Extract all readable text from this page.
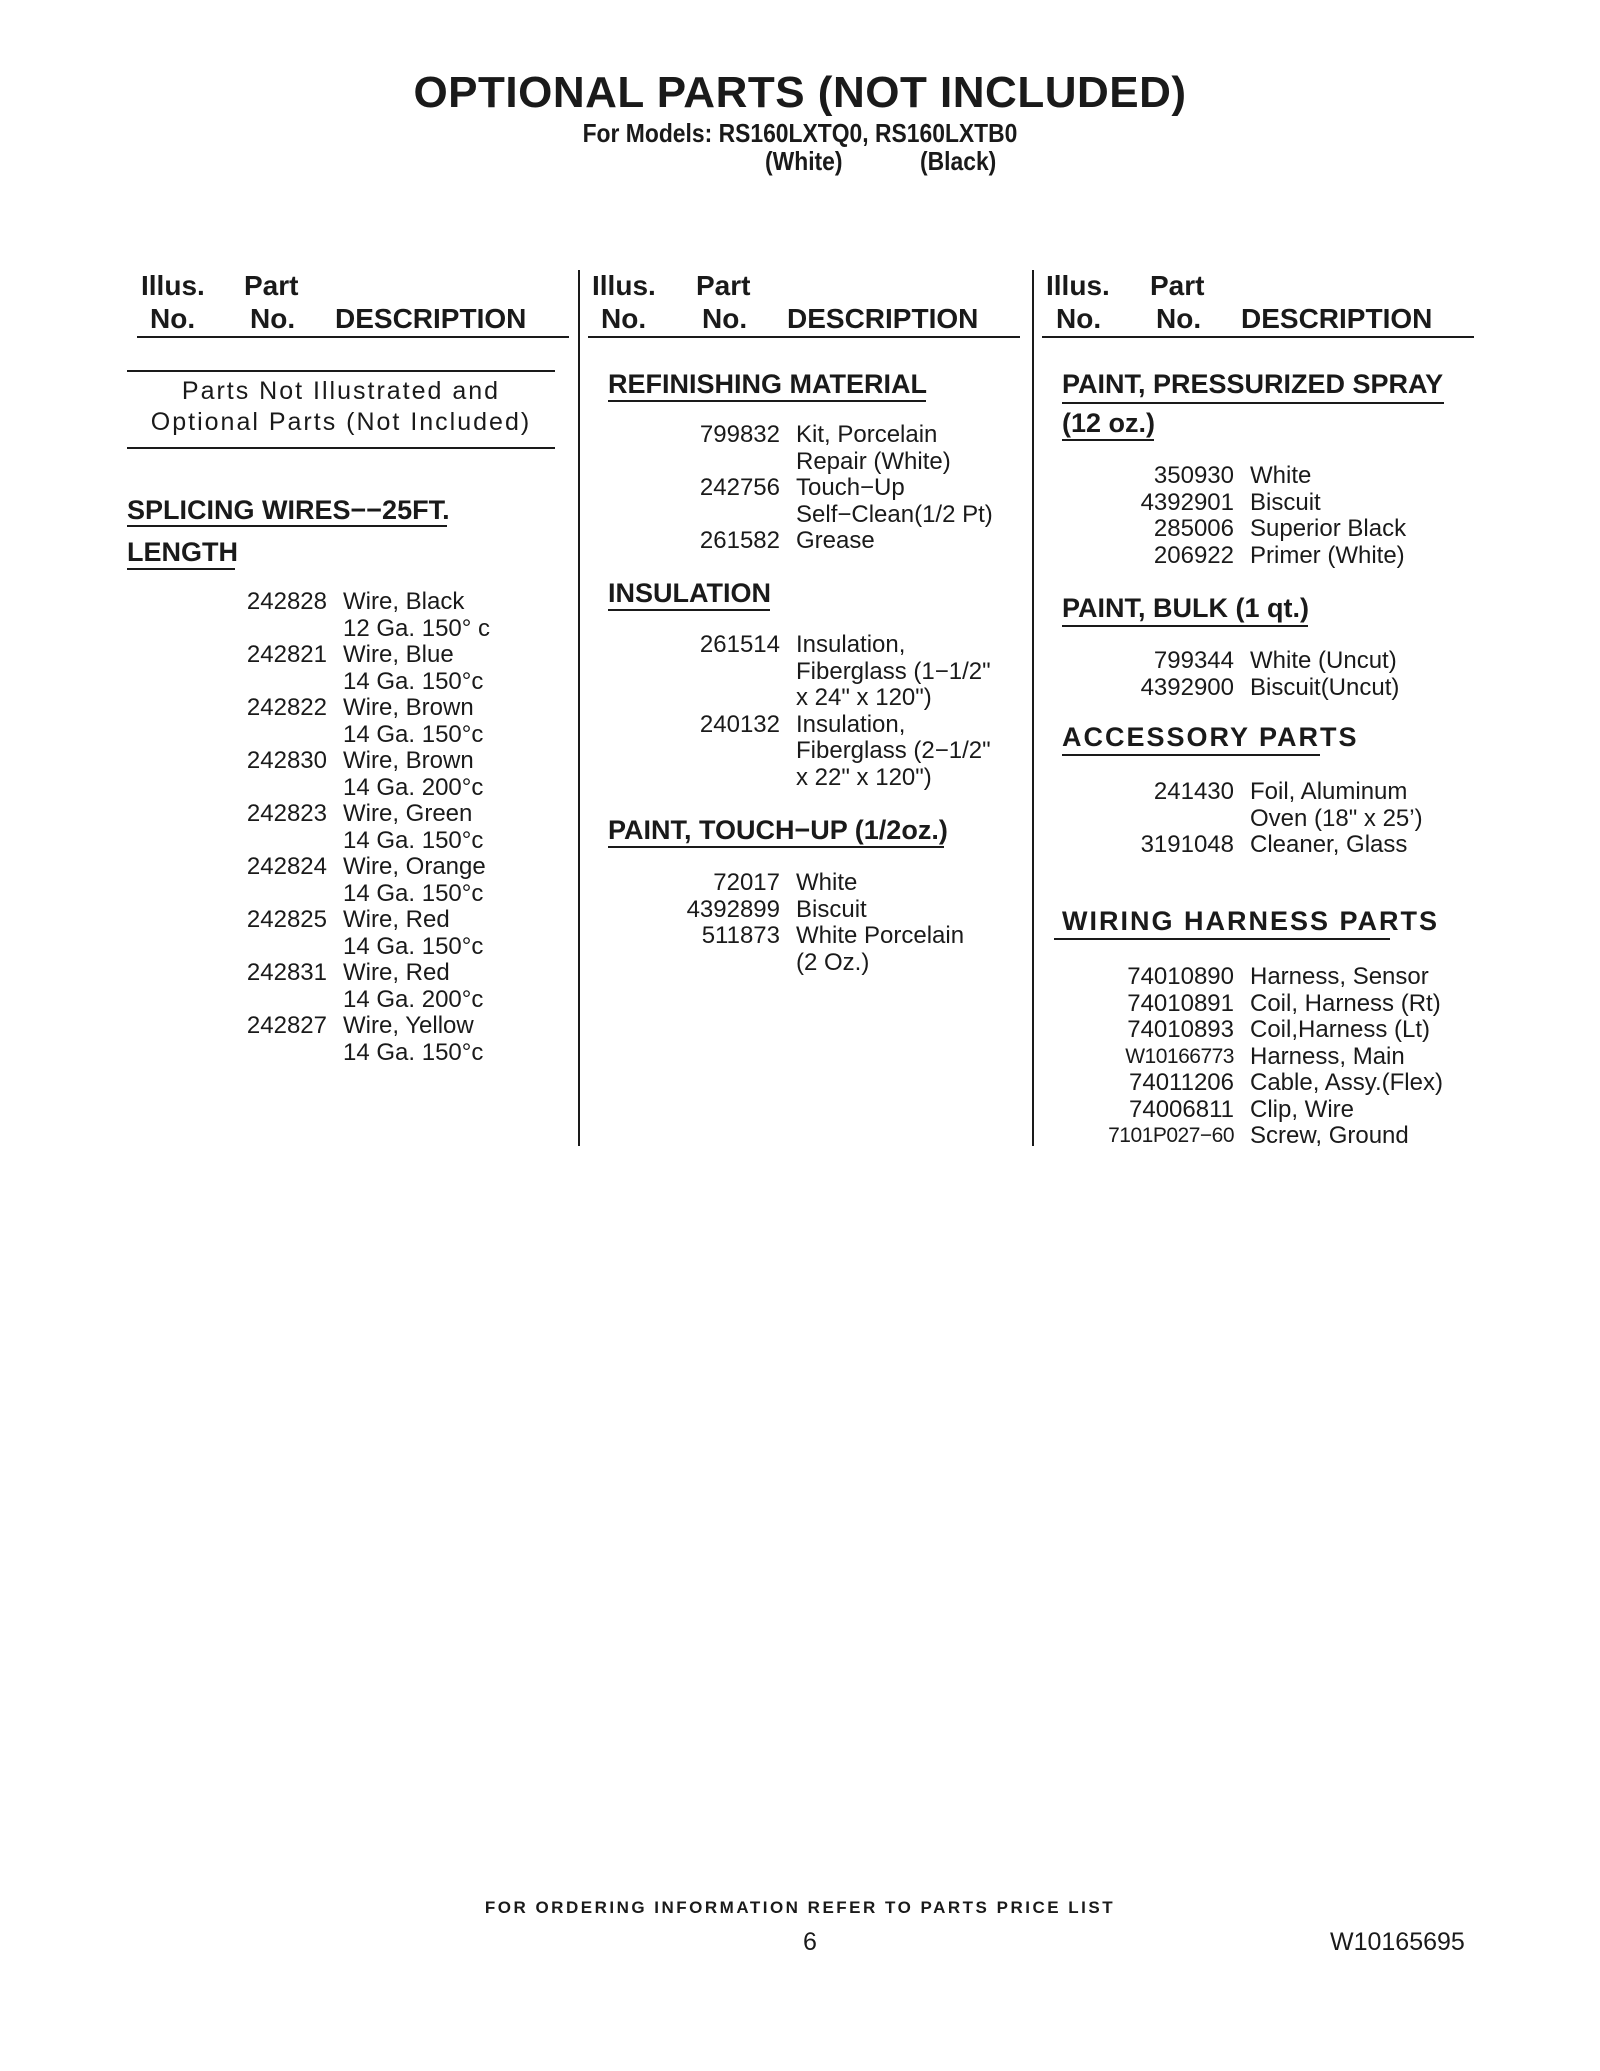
OPTIONAL PARTS (NOT INCLUDED)
For Models: RS160LXTQ0, RS160LXTB0
(White)	(Black)
Illus. Part
No. No. DESCRIPTION
Parts Not Illustrated and
Optional Parts (Not Included)
SPLICING WIRES−−25FT.
LENGTH
242828 Wire, Black
12 Ga. 150° c
242821 Wire, Blue
14 Ga. 150°c
242822 Wire, Brown
14 Ga. 150°c
242830 Wire, Brown
14 Ga. 200°c
242823 Wire, Green
14 Ga. 150°c
242824 Wire, Orange
14 Ga. 150°c
242825 Wire, Red
14 Ga. 150°c
242831 Wire, Red
14 Ga. 200°c
242827 Wire, Yellow
14 Ga. 150°c
Illus. Part
No. No. DESCRIPTION
REFINISHING MATERIAL
799832 Kit, Porcelain
Repair (White)
242756 Touch−Up
Self−Clean(1/2 Pt)
261582 Grease
INSULATION
261514 Insulation,
Fiberglass (1−1/2"
x 24" x 120")
240132 Insulation,
Fiberglass (2−1/2"
x 22" x 120")
PAINT, TOUCH−UP (1/2oz.)
72017 White
4392899 Biscuit
511873 White Porcelain
(2 Oz.)
Illus. Part
No. No. DESCRIPTION
PAINT, PRESSURIZED SPRAY
(12 oz.)
350930 White
4392901 Biscuit
285006 Superior Black
206922 Primer (White)
PAINT, BULK (1 qt.)
799344 White (Uncut)
4392900 Biscuit(Uncut)
ACCESSORY PARTS
241430 Foil, Aluminum
Oven (18" x 25’)
3191048 Cleaner, Glass
WIRING HARNESS PARTS
74010890 Harness, Sensor
74010891 Coil, Harness (Rt)
74010893 Coil,Harness (Lt)
W10166773 Harness, Main
74011206 Cable, Assy.(Flex)
74006811 Clip, Wire
7101P027−60 Screw, Ground
FOR ORDERING INFORMATION REFER TO PARTS PRICE LIST
6	W10165695
